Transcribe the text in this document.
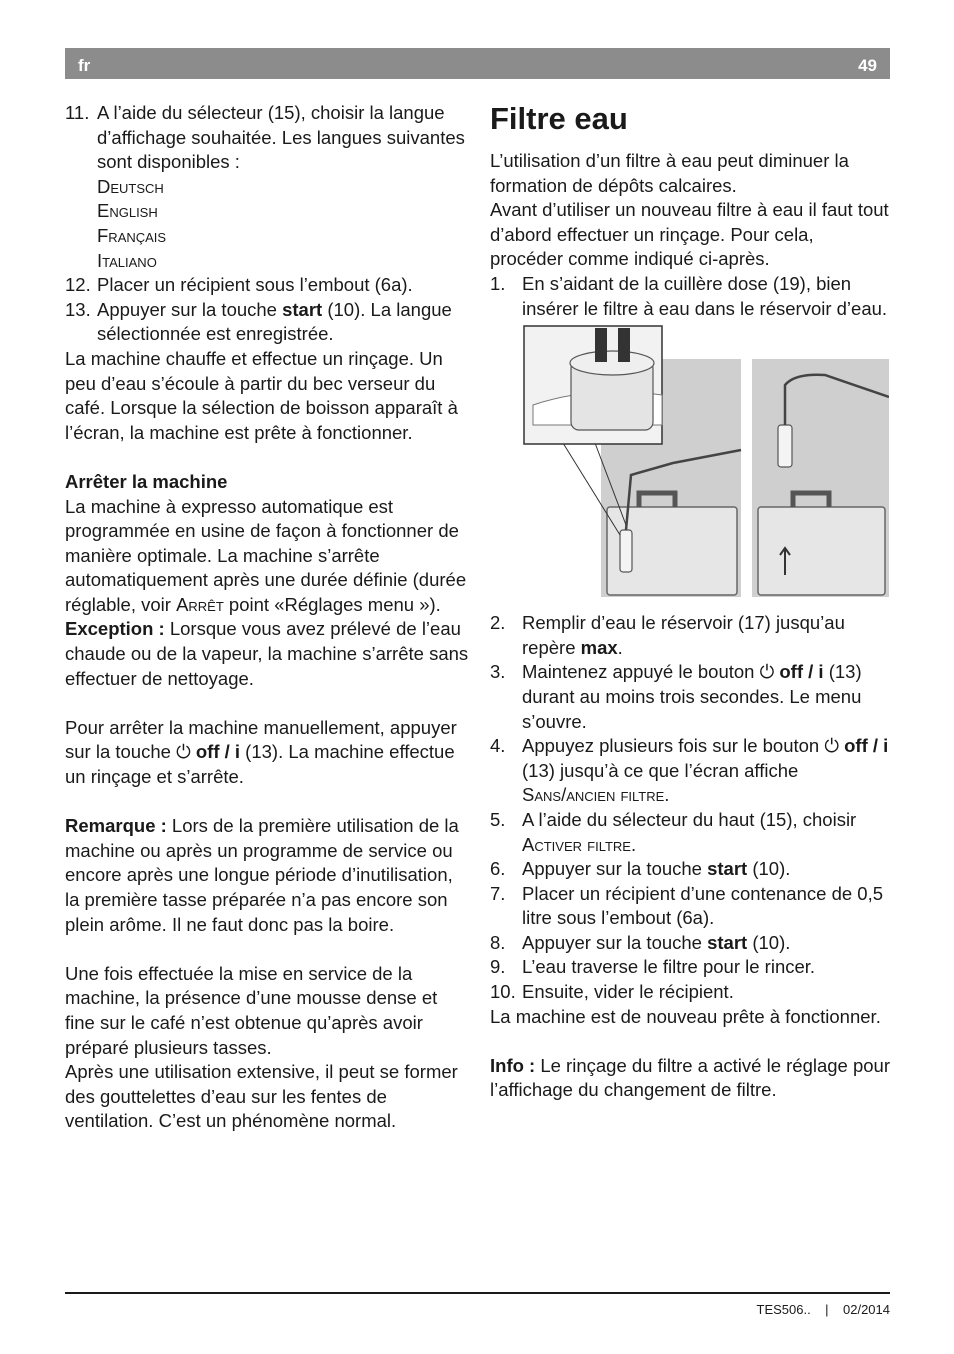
fr	49
11. A l’aide du sélecteur (15), choisir la langue d’affichage souhaitée. Les langues suivantes sont disponibles :
Deutsch
English
Français
Italiano
12. Placer un récipient sous l’embout (6a).
13. Appuyer sur la touche start (10). La langue sélectionnée est enregistrée.

La machine chauffe et effectue un rinçage. Un peu d’eau s’écoule à partir du bec verseur du café. Lorsque la sélection de boisson apparaît à l’écran, la machine est prête à fonctionner.

Arrêter la machine

La machine à expresso automatique est programmée en usine de façon à fonctionner de manière optimale. La machine s’arrête automatiquement après une durée définie (durée réglable, voir Arrêt point «Réglages menu »).

Exception : Lorsque vous avez prélevé de l’eau chaude ou de la vapeur, la machine s’arrête sans effectuer de nettoyage.

Pour arrêter la machine manuellement, appuyer sur la touche ⏻ off / i (13). La machine effectue un rinçage et s’arrête.

Remarque : Lors de la première utilisation de la machine ou après un programme de service ou encore après une longue période d’inutilisation, la première tasse préparée n’a pas encore son plein arôme. Il ne faut donc pas la boire.

Une fois effectuée la mise en service de la machine, la présence d’une mousse dense et fine sur le café n’est obtenue qu’après avoir préparé plusieurs tasses.

Après une utilisation extensive, il peut se former des gouttelettes d’eau sur les fentes de ventilation. C’est un phénomène normal.

Filtre eau

L’utilisation d’un filtre à eau peut diminuer la formation de dépôts calcaires.

Avant d’utiliser un nouveau filtre à eau il faut tout d’abord effectuer un rinçage. Pour cela, procéder comme indiqué ci-après.

1. En s’aidant de la cuillère dose (19), bien insérer le filtre à eau dans le réservoir d’eau.
2. Remplir d’eau le réservoir (17) jusqu’au repère max.
3. Maintenez appuyé le bouton ⏻ off / i (13) durant au moins trois secondes. Le menu s’ouvre.
4. Appuyez plusieurs fois sur le bouton ⏻ off / i (13) jusqu’à ce que l’écran affiche Sans/ancien filtre.
5. A l’aide du sélecteur du haut (15), choisir Activer filtre.
6. Appuyer sur la touche start (10).
7. Placer un récipient d’une contenance de 0,5 litre sous l’embout (6a).
8. Appuyer sur la touche start (10).
9. L’eau traverse le filtre pour le rincer.
10. Ensuite, vider le récipient.

La machine est de nouveau prête à fonctionner.

Info : Le rinçage du filtre a activé le réglage pour l’affichage du changement de filtre.

TES506.. | 02/2014
